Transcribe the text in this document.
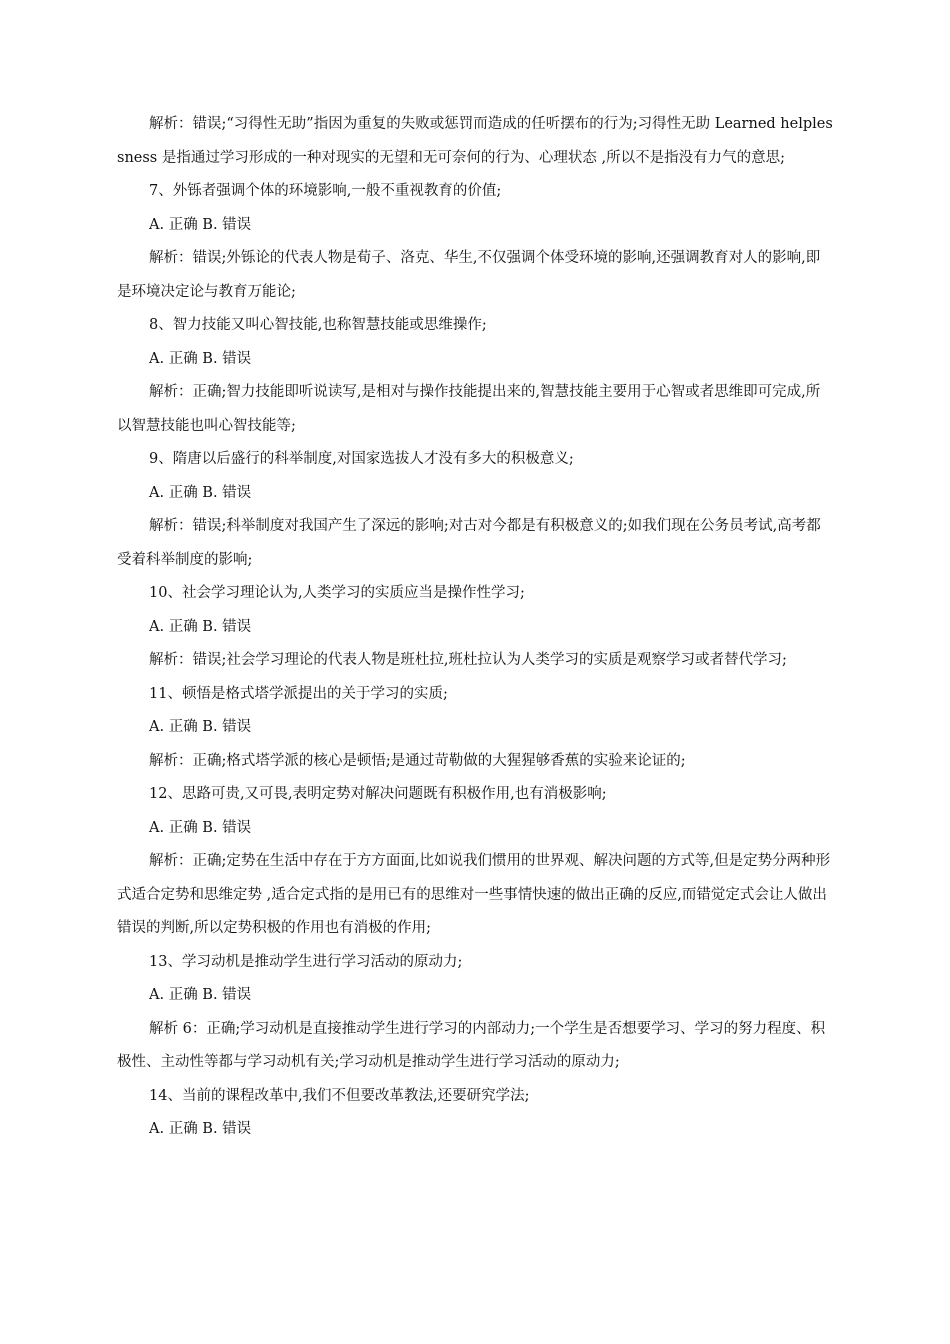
解析：错误;“习得性无助”指因为重复的失败或惩罚而造成的任听摆布的行为;习得性无助 Learned helplessness 是指通过学习形成的一种对现实的无望和无可奈何的行为、心理状态 ,所以不是指没有力气的意思;

7、外铄者强调个体的环境影响,一般不重视教育的价值;

A. 正确 B. 错误

解析：错误;外铄论的代表人物是荀子、洛克、华生,不仅强调个体受环境的影响,还强调教育对人的影响,即是环境决定论与教育万能论;

8、智力技能又叫心智技能,也称智慧技能或思维操作;

A. 正确 B. 错误

解析：正确;智力技能即听说读写,是相对与操作技能提出来的,智慧技能主要用于心智或者思维即可完成,所以智慧技能也叫心智技能等;

9、隋唐以后盛行的科举制度,对国家选拔人才没有多大的积极意义;

A. 正确 B. 错误

解析：错误;科举制度对我国产生了深远的影响;对古对今都是有积极意义的;如我们现在公务员考试,高考都受着科举制度的影响;

10、社会学习理论认为,人类学习的实质应当是操作性学习;

A. 正确 B. 错误

解析：错误;社会学习理论的代表人物是班杜拉,班杜拉认为人类学习的实质是观察学习或者替代学习;

11、顿悟是格式塔学派提出的关于学习的实质;

A. 正确 B. 错误

解析：正确;格式塔学派的核心是顿悟;是通过苛勒做的大猩猩够香蕉的实验来论证的;

12、思路可贵,又可畏,表明定势对解决问题既有积极作用,也有消极影响;

A. 正确 B. 错误

解析：正确;定势在生活中存在于方方面面,比如说我们惯用的世界观、解决问题的方式等,但是定势分两种形式适合定势和思维定势 ,适合定式指的是用已有的思维对一些事情快速的做出正确的反应,而错觉定式会让人做出错误的判断,所以定势积极的作用也有消极的作用;

13、学习动机是推动学生进行学习活动的原动力;

A. 正确 B. 错误

解析 6：正确;学习动机是直接推动学生进行学习的内部动力;一个学生是否想要学习、学习的努力程度、积极性、主动性等都与学习动机有关;学习动机是推动学生进行学习活动的原动力;

14、当前的课程改革中,我们不但要改革教法,还要研究学法;

A. 正确 B. 错误
